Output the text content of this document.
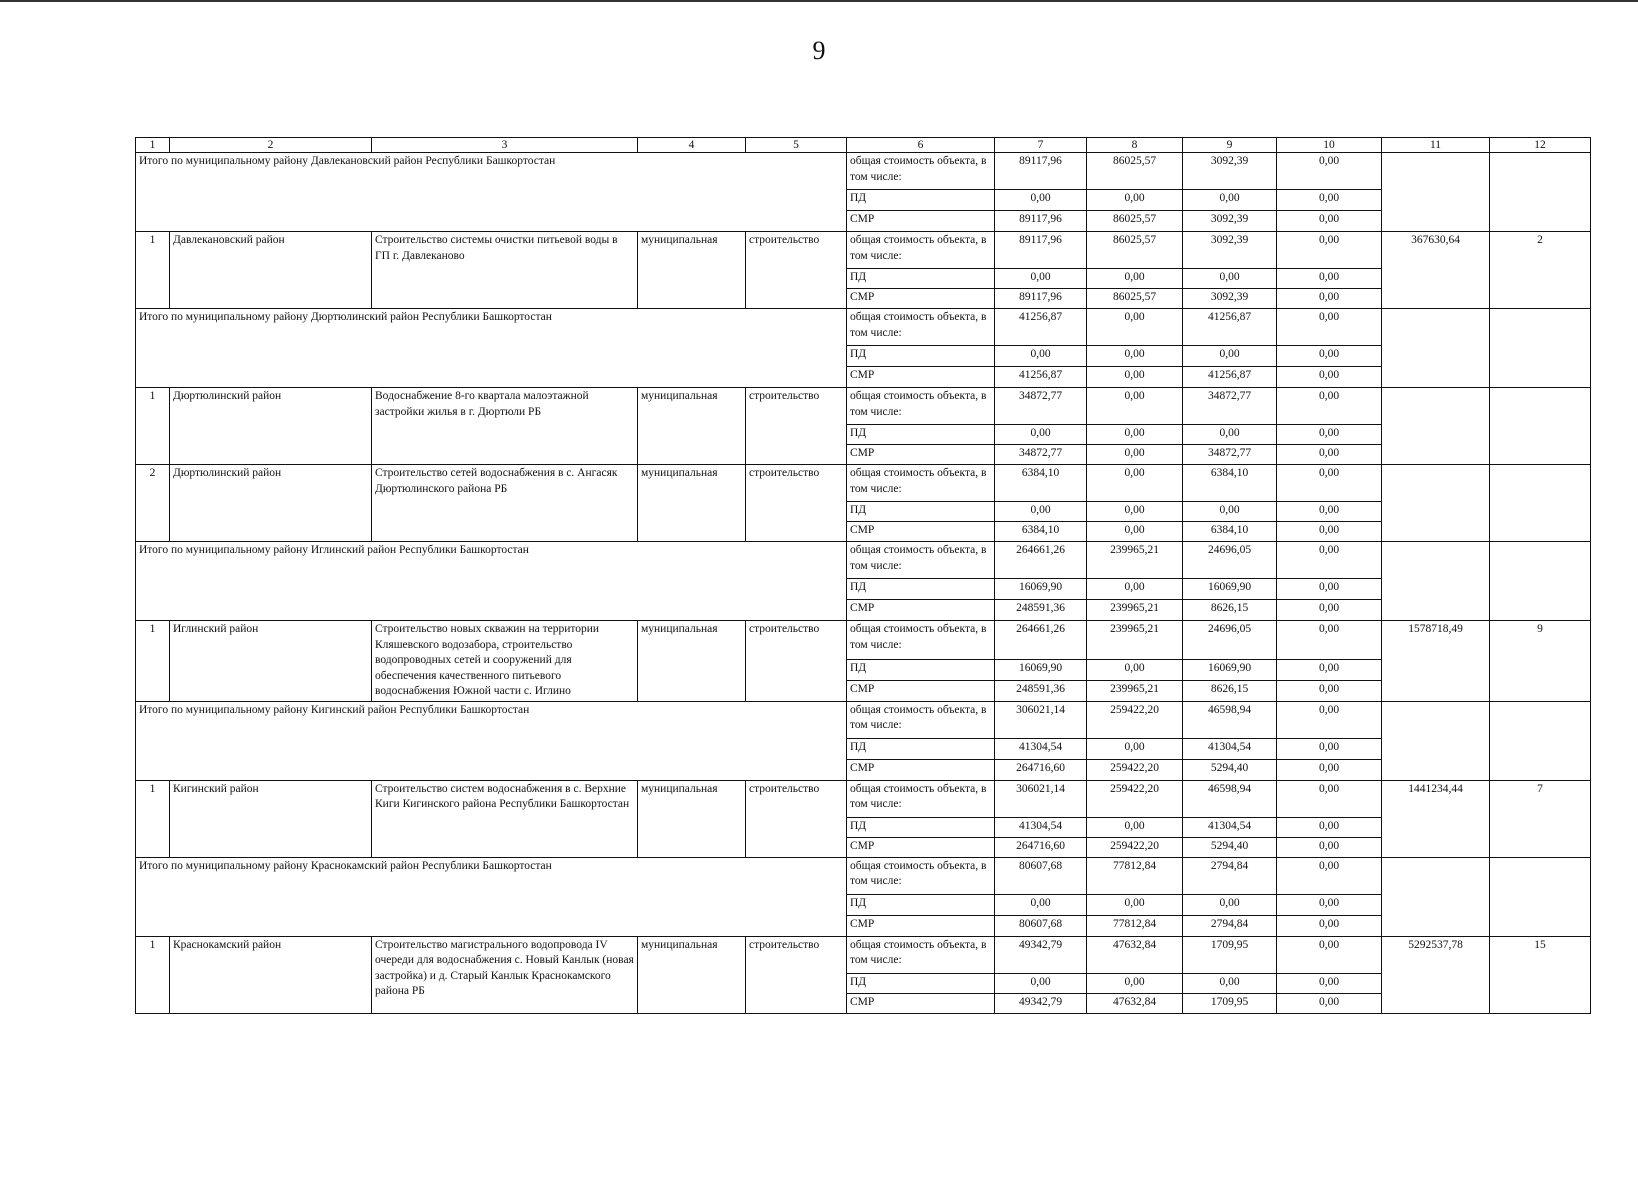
9
1	2	3	4	5	6	7	8	9	10	11	12
Итого по муниципальному району Давлекановский район Республики Башкортостан					общая стоимость объекта, в том числе:	89117,96	86025,57	3092,39	0,00		
					ПД	0,00	0,00	0,00	0,00		
					СМР	89117,96	86025,57	3092,39	0,00		
1	Давлекановский район	Строительство системы очистки питьевой воды в ГП г. Давлеканово	муниципальная	строительство	общая стоимость объекта, в том числе:	89117,96	86025,57	3092,39	0,00	367630,64	2
					ПД	0,00	0,00	0,00	0,00		
					СМР	89117,96	86025,57	3092,39	0,00		
Итого по муниципальному району Дюртюлинский район Республики Башкортостан					общая стоимость объекта, в том числе:	41256,87	0,00	41256,87	0,00		
					ПД	0,00	0,00	0,00	0,00		
					СМР	41256,87	0,00	41256,87	0,00		
1	Дюртюлинский район	Водоснабжение 8-го квартала малоэтажной застройки жилья в г. Дюртюли РБ	муниципальная	строительство	общая стоимость объекта, в том числе:	34872,77	0,00	34872,77	0,00		
					ПД	0,00	0,00	0,00	0,00		
					СМР	34872,77	0,00	34872,77	0,00		
2	Дюртюлинский район	Строительство сетей водоснабжения в с. Ангасяк Дюртюлинского района РБ	муниципальная	строительство	общая стоимость объекта, в том числе:	6384,10	0,00	6384,10	0,00		
					ПД	0,00	0,00	0,00	0,00		
					СМР	6384,10	0,00	6384,10	0,00		
Итого по муниципальному району Иглинский район Республики Башкортостан					общая стоимость объекта, в том числе:	264661,26	239965,21	24696,05	0,00		
					ПД	16069,90	0,00	16069,90	0,00		
					СМР	248591,36	239965,21	8626,15	0,00		
1	Иглинский район	Строительство новых скважин на территории Кляшевского водозабора, строительство водопроводных сетей и сооружений для обеспечения качественного питьевого водоснабжения Южной части с. Иглино	муниципальная	строительство	общая стоимость объекта, в том числе:	264661,26	239965,21	24696,05	0,00	1578718,49	9
					ПД	16069,90	0,00	16069,90	0,00		
					СМР	248591,36	239965,21	8626,15	0,00		
Итого по муниципальному району Кигинский район Республики Башкортостан					общая стоимость объекта, в том числе:	306021,14	259422,20	46598,94	0,00		
					ПД	41304,54	0,00	41304,54	0,00		
					СМР	264716,60	259422,20	5294,40	0,00		
1	Кигинский район	Строительство систем водоснабжения в с. Верхние Киги Кигинского района Республики Башкортостан	муниципальная	строительство	общая стоимость объекта, в том числе:	306021,14	259422,20	46598,94	0,00	1441234,44	7
					ПД	41304,54	0,00	41304,54	0,00		
					СМР	264716,60	259422,20	5294,40	0,00		
Итого по муниципальному району Краснокамский район Республики Башкортостан					общая стоимость объекта, в том числе:	80607,68	77812,84	2794,84	0,00		
					ПД	0,00	0,00	0,00	0,00		
					СМР	80607,68	77812,84	2794,84	0,00		
1	Краснокамский район	Строительство магистрального водопровода IV очереди для водоснабжения с. Новый Канлык (новая застройка) и д. Старый Канлык Краснокамского района РБ	муниципальная	строительство	общая стоимость объекта, в том числе:	49342,79	47632,84	1709,95	0,00	5292537,78	15
					ПД	0,00	0,00	0,00	0,00		
					СМР	49342,79	47632,84	1709,95	0,00		
